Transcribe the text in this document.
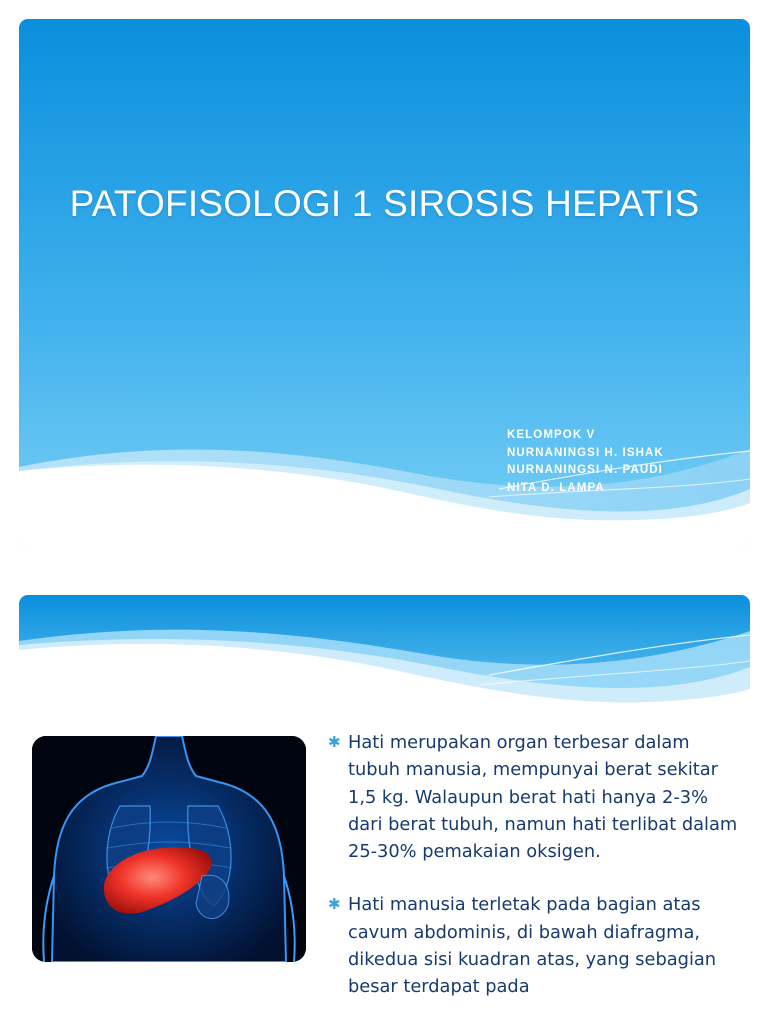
PATOFISOLOGI 1 SIROSIS HEPATIS
KELOMPOK V
NURNANINGSI H. ISHAK
NURNANINGSI N. PAUDI
NITA D. LAMPA
✱ Hati merupakan organ terbesar dalam tubuh manusia, mempunyai berat sekitar 1,5 kg. Walaupun berat hati hanya 2-3% dari berat tubuh, namun hati terlibat dalam 25-30% pemakaian oksigen.
✱ Hati manusia terletak pada bagian atas cavum abdominis, di bawah diafragma, dikedua sisi kuadran atas, yang sebagian besar terdapat pada
